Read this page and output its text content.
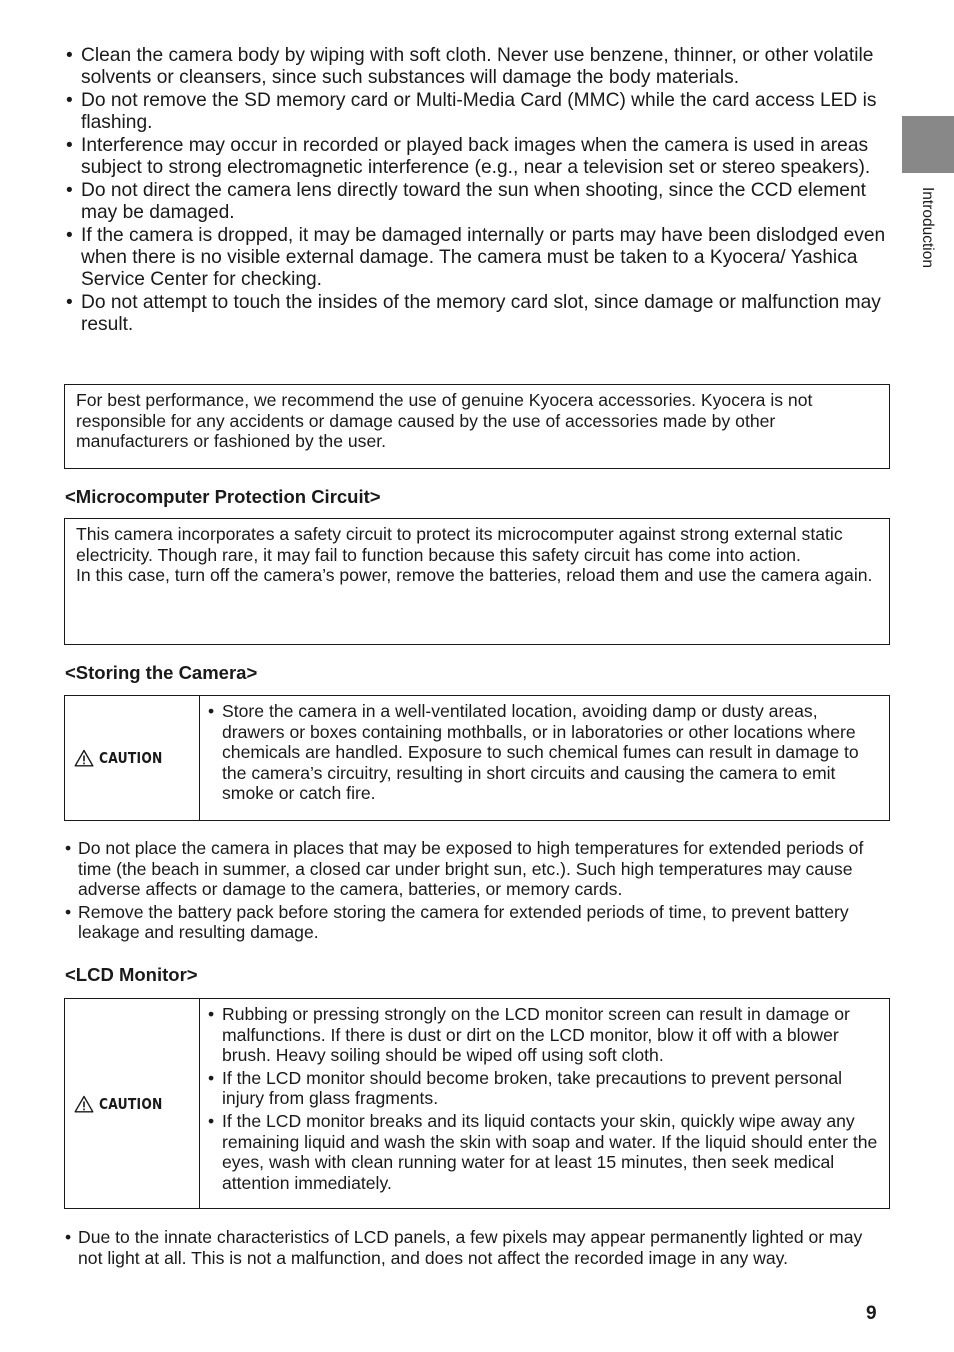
Introduction
• Clean the camera body by wiping with soft cloth. Never use benzene, thinner, or other volatile solvents or cleansers, since such substances will damage the body materials.
• Do not remove the SD memory card or Multi-Media Card (MMC) while the card access LED is flashing.
• Interference may occur in recorded or played back images when the camera is used in areas subject to strong electromagnetic interference (e.g., near a television set or stereo speakers).
• Do not direct the camera lens directly toward the sun when shooting, since the CCD element may be damaged.
• If the camera is dropped, it may be damaged internally or parts may have been dislodged even when there is no visible external damage. The camera must be taken to a Kyocera/ Yashica Service Center for checking.
• Do not attempt to touch the insides of the memory card slot, since damage or malfunction may result.

For best performance, we recommend the use of genuine Kyocera accessories. Kyocera is not responsible for any accidents or damage caused by the use of accessories made by other manufacturers or fashioned by the user.

<Microcomputer Protection Circuit>

This camera incorporates a safety circuit to protect its microcomputer against strong external static electricity. Though rare, it may fail to function because this safety circuit has come into action.

In this case, turn off the camera’s power, remove the batteries, reload them and use the camera again.

<Storing the Camera>
CAUTION
• Store the camera in a well-ventilated location, avoiding damp or dusty areas, drawers or boxes containing mothballs, or in laboratories or other locations where chemicals are handled. Exposure to such chemical fumes can result in damage to the camera’s circuitry, resulting in short circuits and causing the camera to emit smoke or catch fire.
• Do not place the camera in places that may be exposed to high temperatures for extended periods of time (the beach in summer, a closed car under bright sun, etc.). Such high temperatures may cause adverse affects or damage to the camera, batteries, or memory cards.
• Remove the battery pack before storing the camera for extended periods of time, to prevent battery leakage and resulting damage.
<LCD Monitor>
CAUTION
• Rubbing or pressing strongly on the LCD monitor screen can result in damage or malfunctions. If there is dust or dirt on the LCD monitor, blow it off with a blower brush. Heavy soiling should be wiped off using soft cloth.
• If the LCD monitor should become broken, take precautions to prevent personal injury from glass fragments.
• If the LCD monitor breaks and its liquid contacts your skin, quickly wipe away any remaining liquid and wash the skin with soap and water. If the liquid should enter the eyes, wash with clean running water for at least 15 minutes, then seek medical attention immediately.
• Due to the innate characteristics of LCD panels, a few pixels may appear permanently lighted or may not light at all. This is not a malfunction, and does not affect the recorded image in any way.
9
